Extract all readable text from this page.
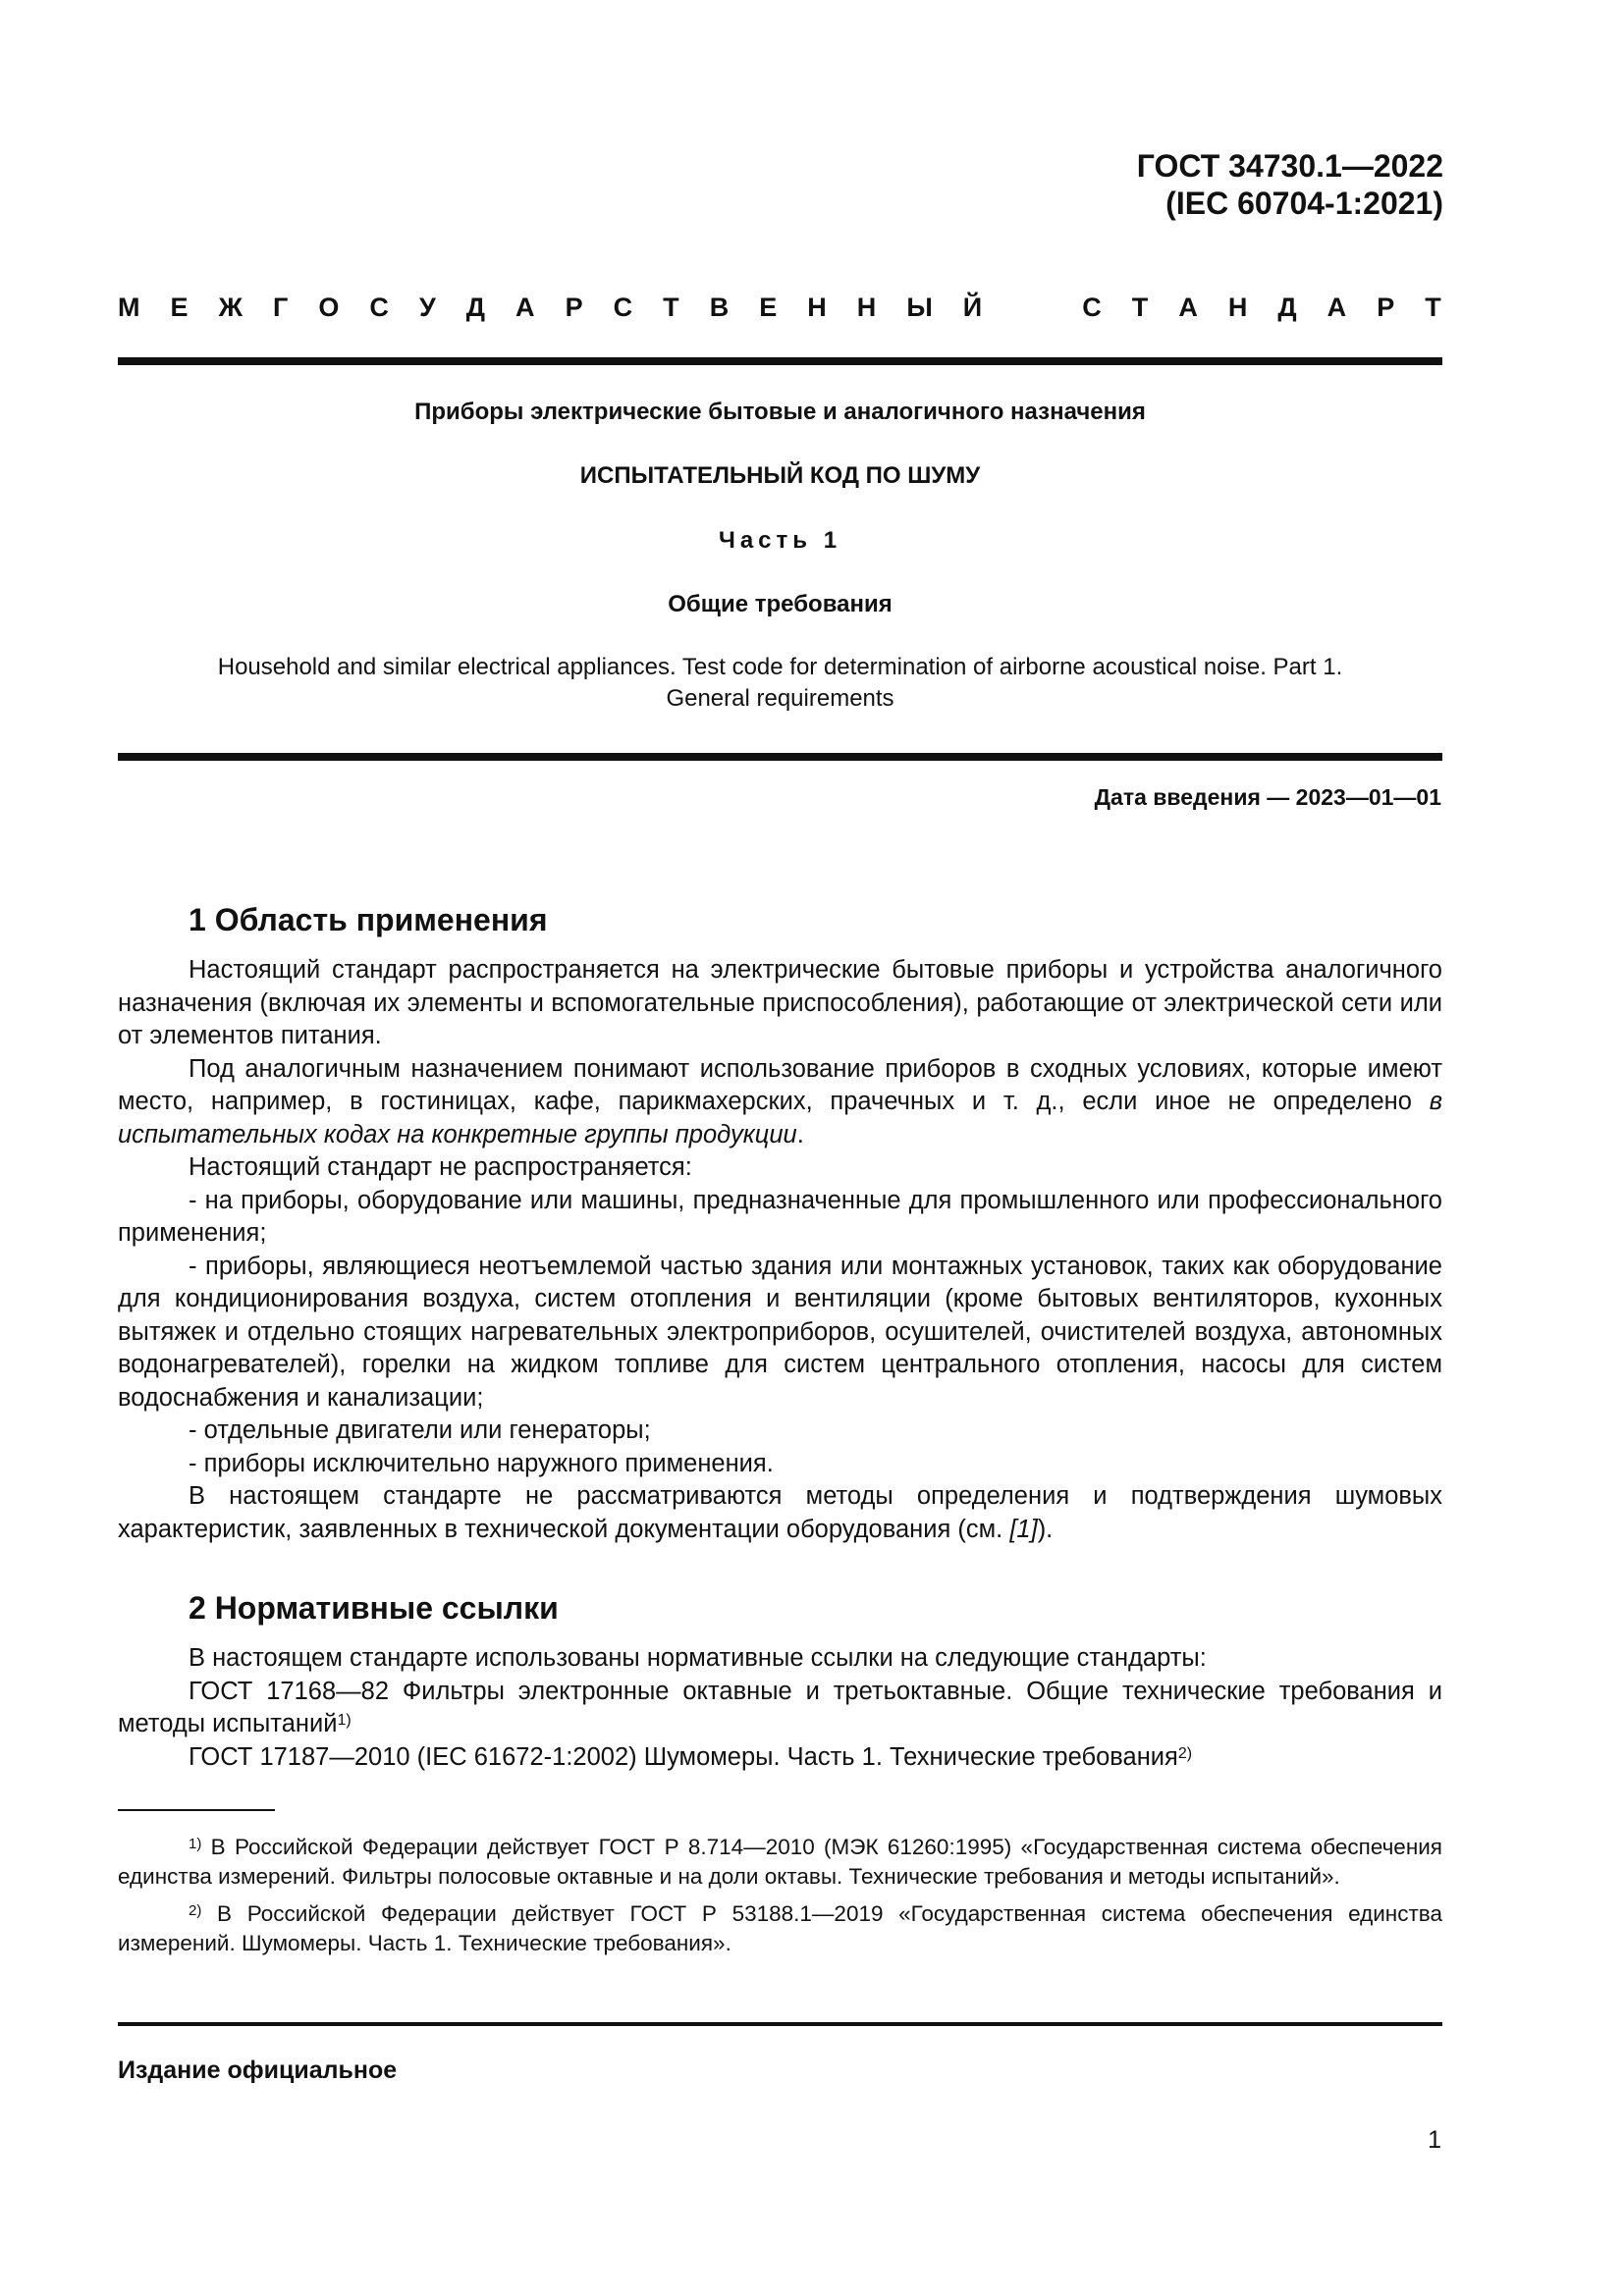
ГОСТ 34730.1—2022
(IEC 60704-1:2021)
М Е Ж Г О С У Д А Р С Т В Е Н Н Ы Й	С Т А Н Д А Р Т
Приборы электрические бытовые и аналогичного назначения
ИСПЫТАТЕЛЬНЫЙ КОД ПО ШУМУ
Часть 1
Общие требования
Household and similar electrical appliances. Test code for determination of airborne acoustical noise. Part 1.
General requirements
Дата введения — 2023—01—01
1 Область применения

Настоящий стандарт распространяется на электрические бытовые приборы и устройства аналогичного назначения (включая их элементы и вспомогательные приспособления), работающие от электрической сети или от элементов питания.

Под аналогичным назначением понимают использование приборов в сходных условиях, которые имеют место, например, в гостиницах, кафе, парикмахерских, прачечных и т. д., если иное не определено в испытательных кодах на конкретные группы продукции.

Настоящий стандарт не распространяется:

- на приборы, оборудование или машины, предназначенные для промышленного или профессионального применения;

- приборы, являющиеся неотъемлемой частью здания или монтажных установок, таких как оборудование для кондиционирования воздуха, систем отопления и вентиляции (кроме бытовых вентиляторов, кухонных вытяжек и отдельно стоящих нагревательных электроприборов, осушителей, очистителей воздуха, автономных водонагревателей), горелки на жидком топливе для систем центрального отопления, насосы для систем водоснабжения и канализации;

- отдельные двигатели или генераторы;

- приборы исключительно наружного применения.

В настоящем стандарте не рассматриваются методы определения и подтверждения шумовых характеристик, заявленных в технической документации оборудования (см. [1]).

2 Нормативные ссылки

В настоящем стандарте использованы нормативные ссылки на следующие стандарты:

ГОСТ 17168—82 Фильтры электронные октавные и третьоктавные. Общие технические требования и методы испытаний$^{1)}$

ГОСТ 17187—2010 (IEC 61672-1:2002) Шумомеры. Часть 1. Технические требования$^{2)}$

$^{1)}$ В Российской Федерации действует ГОСТ Р 8.714—2010 (МЭК 61260:1995) «Государственная система обеспечения единства измерений. Фильтры полосовые октавные и на доли октавы. Технические требования и методы испытаний».

$^{2)}$ В Российской Федерации действует ГОСТ Р 53188.1—2019 «Государственная система обеспечения единства измерений. Шумомеры. Часть 1. Технические требования».

Издание официальное
1
